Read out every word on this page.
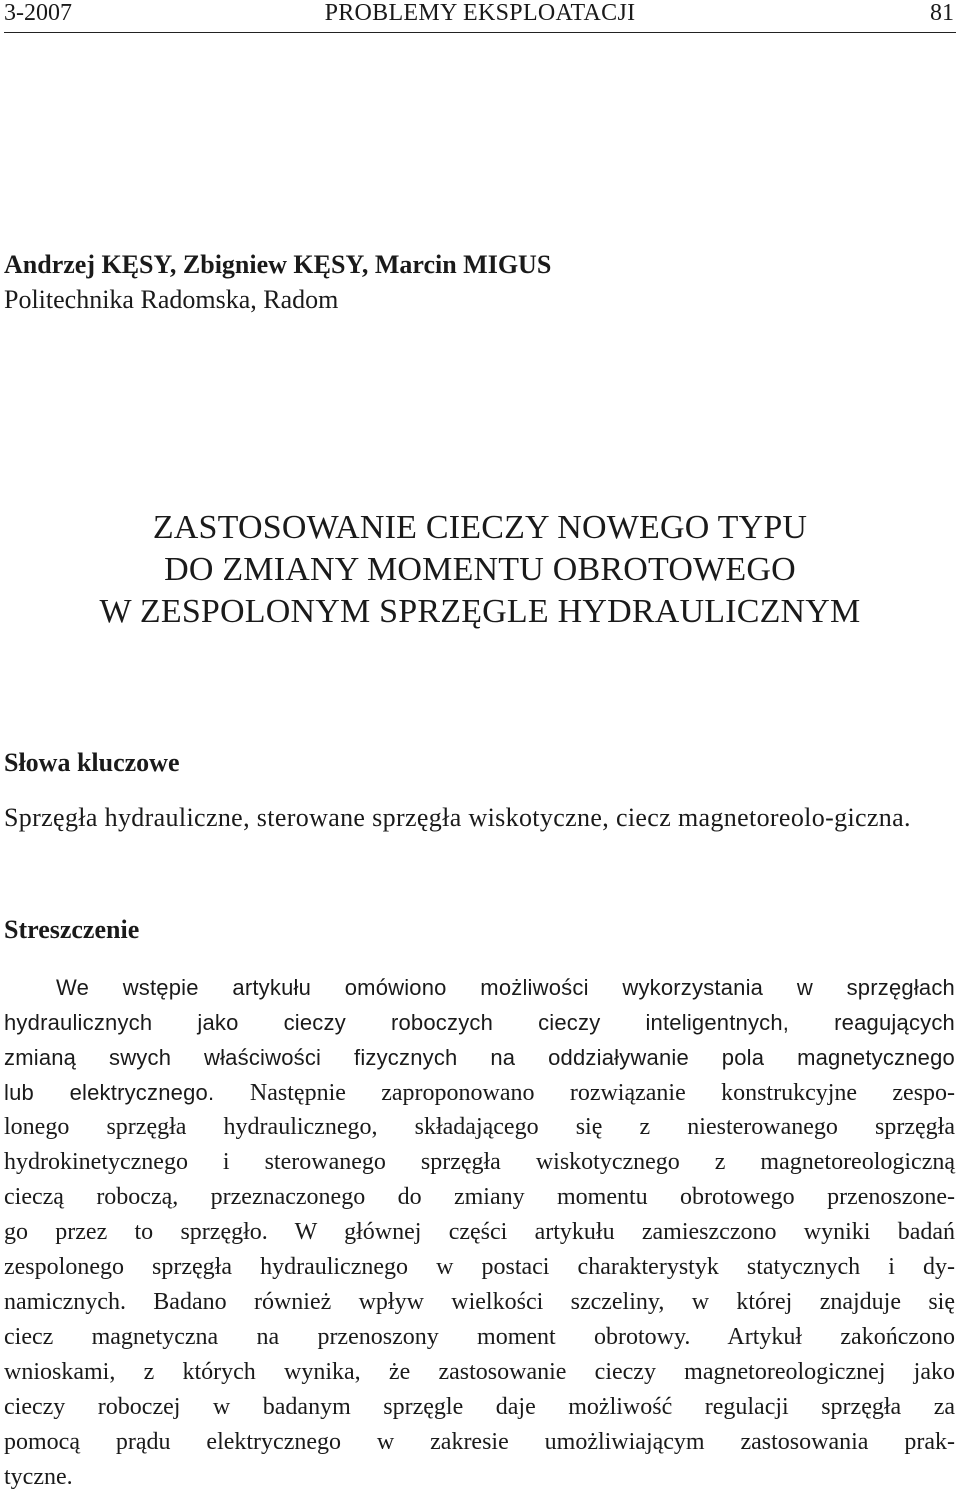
3-2007	PROBLEMY EKSPLOATACJI	81
Andrzej KĘSY, Zbigniew KĘSY, Marcin MIGUS
Politechnika Radomska, Radom
ZASTOSOWANIE CIECZY NOWEGO TYPU
DO ZMIANY MOMENTU OBROTOWEGO
W ZESPOLONYM SPRZĘGLE HYDRAULICZNYM
Słowa kluczowe
Sprzęgła hydrauliczne, sterowane sprzęgła wiskotyczne, ciecz magnetoreolo-giczna.
Streszczenie
We wstępie artykułu omówiono możliwości wykorzystania w sprzęgłach
hydraulicznych jako cieczy roboczych cieczy inteligentnych, reagujących
zmianą swych właściwości fizycznych na oddziaływanie pola magnetycznego
lub elektrycznego. Następnie zaproponowano rozwiązanie konstrukcyjne zespo-
lonego sprzęgła hydraulicznego, składającego się z niesterowanego sprzęgła
hydrokinetycznego i sterowanego sprzęgła wiskotycznego z magnetoreologiczną
cieczą roboczą, przeznaczonego do zmiany momentu obrotowego przenoszone-
go przez to sprzęgło. W głównej części artykułu zamieszczono wyniki badań
zespolonego sprzęgła hydraulicznego w postaci charakterystyk statycznych i dy-
namicznych. Badano również wpływ wielkości szczeliny, w której znajduje się
ciecz magnetyczna na przenoszony moment obrotowy. Artykuł zakończono
wnioskami, z których wynika, że zastosowanie cieczy magnetoreologicznej jako
cieczy roboczej w badanym sprzęgle daje możliwość regulacji sprzęgła za
pomocą prądu elektrycznego w zakresie umożliwiającym zastosowania prak-
tyczne.
